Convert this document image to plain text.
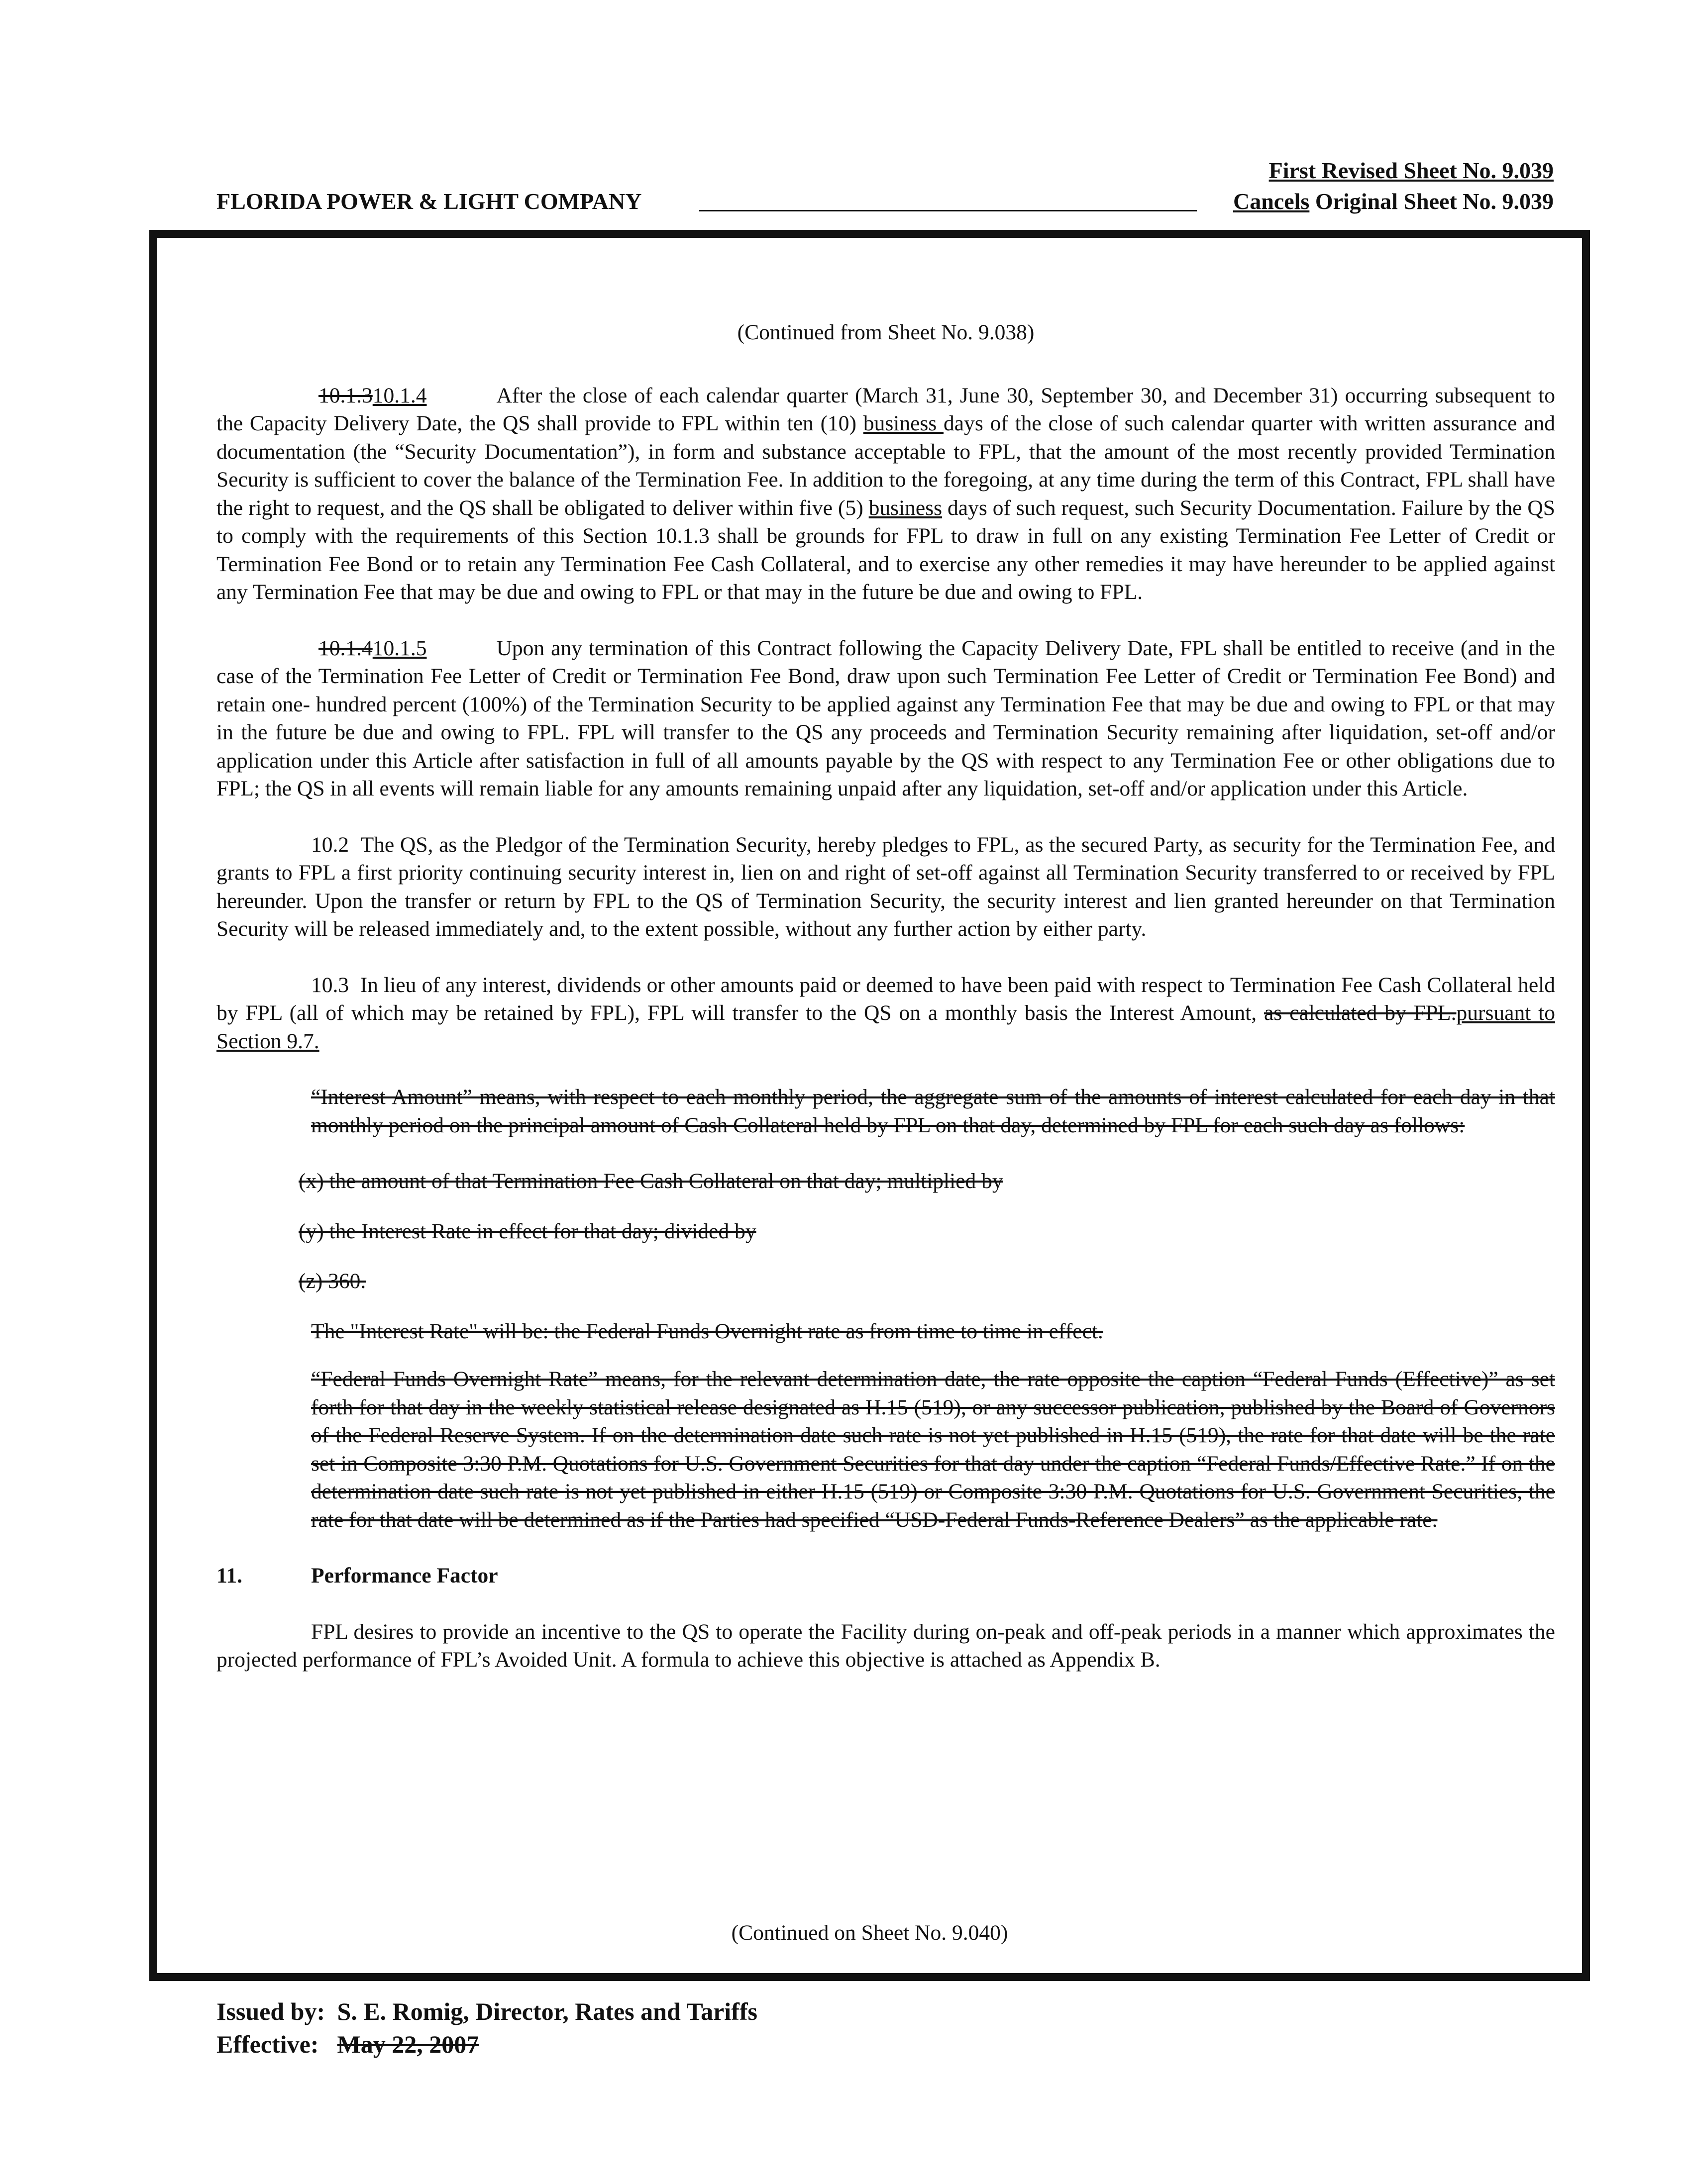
First Revised Sheet No. 9.039
Cancels Original Sheet No. 9.039
FLORIDA POWER & LIGHT COMPANY

(Continued from Sheet No. 9.038)

10.1.310.1.4	After the close of each calendar quarter (March 31, June 30, September 30, and December 31) occurring subsequent to the Capacity Delivery Date, the QS shall provide to FPL within ten (10) business days of the close of such calendar quarter with written assurance and documentation (the “Security Documentation”), in form and substance acceptable to FPL, that the amount of the most recently provided Termination Security is sufficient to cover the balance of the Termination Fee. In addition to the foregoing, at any time during the term of this Contract, FPL shall have the right to request, and the QS shall be obligated to deliver within five (5) business days of such request, such Security Documentation. Failure by the QS to comply with the requirements of this Section 10.1.3 shall be grounds for FPL to draw in full on any existing Termination Fee Letter of Credit or Termination Fee Bond or to retain any Termination Fee Cash Collateral, and to exercise any other remedies it may have hereunder to be applied against any Termination Fee that may be due and owing to FPL or that may in the future be due and owing to FPL.

10.1.410.1.5	Upon any termination of this Contract following the Capacity Delivery Date, FPL shall be entitled to receive (and in the case of the Termination Fee Letter of Credit or Termination Fee Bond, draw upon such Termination Fee Letter of Credit or Termination Fee Bond) and retain one- hundred percent (100%) of the Termination Security to be applied against any Termination Fee that may be due and owing to FPL or that may in the future be due and owing to FPL. FPL will transfer to the QS any proceeds and Termination Security remaining after liquidation, set-off and/or application under this Article after satisfaction in full of all amounts payable by the QS with respect to any Termination Fee or other obligations due to FPL; the QS in all events will remain liable for any amounts remaining unpaid after any liquidation, set-off and/or application under this Article.

10.2 The QS, as the Pledgor of the Termination Security, hereby pledges to FPL, as the secured Party, as security for the Termination Fee, and grants to FPL a first priority continuing security interest in, lien on and right of set-off against all Termination Security transferred to or received by FPL hereunder. Upon the transfer or return by FPL to the QS of Termination Security, the security interest and lien granted hereunder on that Termination Security will be released immediately and, to the extent possible, without any further action by either party.

10.3 In lieu of any interest, dividends or other amounts paid or deemed to have been paid with respect to Termination Fee Cash Collateral held by FPL (all of which may be retained by FPL), FPL will transfer to the QS on a monthly basis the Interest Amount, as calculated by FPL.pursuant to Section 9.7.

“Interest Amount” means, with respect to each monthly period, the aggregate sum of the amounts of interest calculated for each day in that monthly period on the principal amount of Cash Collateral held by FPL on that day, determined by FPL for each such day as follows:

(x) the amount of that Termination Fee Cash Collateral on that day; multiplied by

(y) the Interest Rate in effect for that day; divided by

(z) 360.

The "Interest Rate" will be: the Federal Funds Overnight rate as from time to time in effect.

“Federal Funds Overnight Rate” means, for the relevant determination date, the rate opposite the caption “Federal Funds (Effective)” as set forth for that day in the weekly statistical release designated as H.15 (519), or any successor publication, published by the Board of Governors of the Federal Reserve System. If on the determination date such rate is not yet published in H.15 (519), the rate for that date will be the rate set in Composite 3:30 P.M. Quotations for U.S. Government Securities for that day under the caption “Federal Funds/Effective Rate.” If on the determination date such rate is not yet published in either H.15 (519) or Composite 3:30 P.M. Quotations for U.S. Government Securities, the rate for that date will be determined as if the Parties had specified “USD-Federal Funds-Reference Dealers” as the applicable rate.

11.	Performance Factor

FPL desires to provide an incentive to the QS to operate the Facility during on-peak and off-peak periods in a manner which approximates the projected performance of FPL’s Avoided Unit. A formula to achieve this objective is attached as Appendix B.

(Continued on Sheet No. 9.040)
Issued by: S. E. Romig, Director, Rates and Tariffs
Effective: May 22, 2007
